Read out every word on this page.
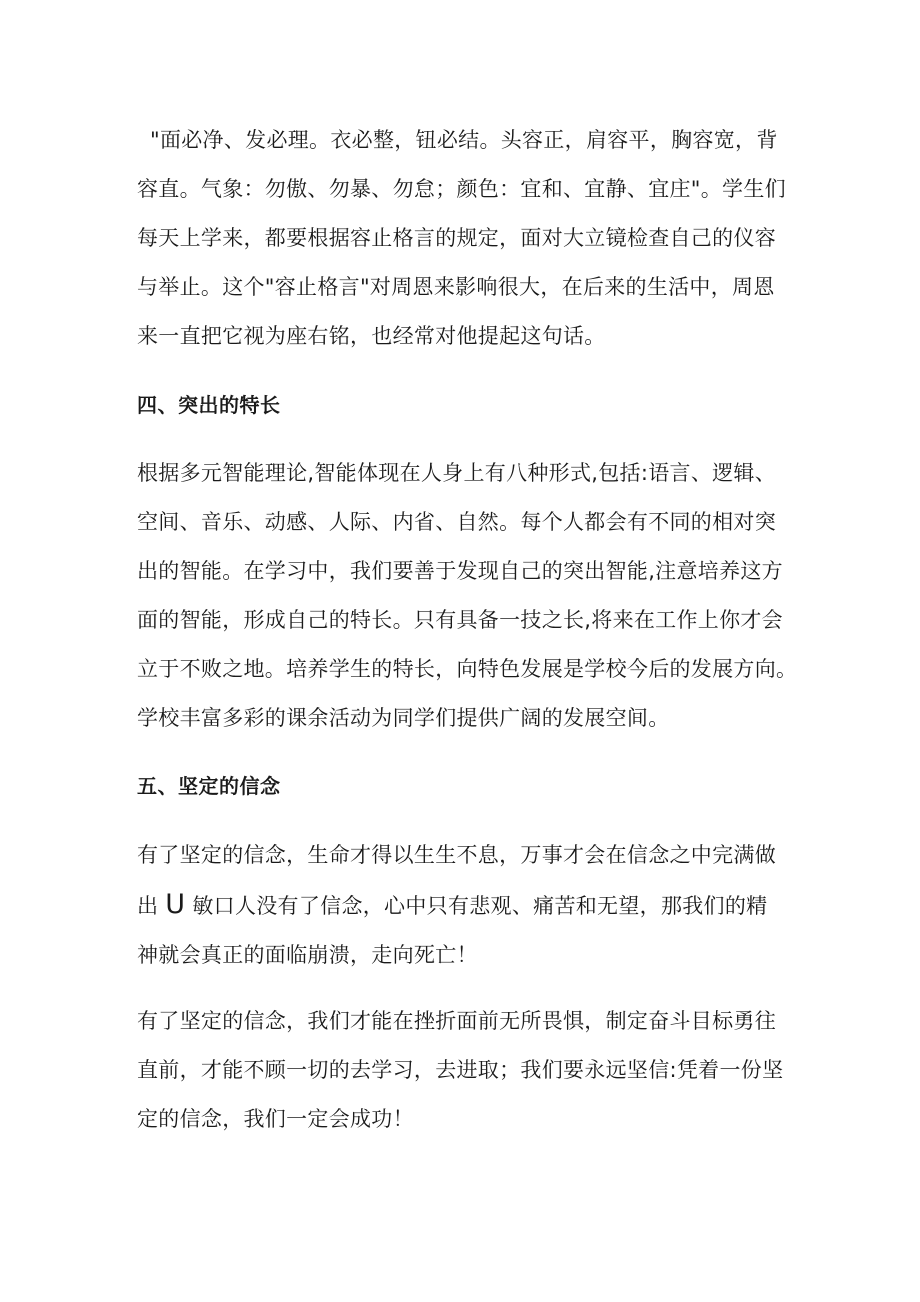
"面必净、发必理。衣必整，钮必结。头容正，肩容平，胸容宽，背
容直。气象：勿傲、勿暴、勿怠；颜色：宜和、宜静、宜庄"。学生们
每天上学来，都要根据容止格言的规定，面对大立镜检查自己的仪容
与举止。这个"容止格言"对周恩来影响很大，在后来的生活中，周恩
来一直把它视为座右铭，也经常对他提起这句话。

四、突出的特长

根据多元智能理论,智能体现在人身上有八种形式,包括:语言、逻辑、
空间、音乐、动感、人际、内省、自然。每个人都会有不同的相对突
出的智能。在学习中，我们要善于发现自己的突出智能,注意培养这方
面的智能，形成自己的特长。只有具备一技之长,将来在工作上你才会
立于不败之地。培养学生的特长，向特色发展是学校今后的发展方向。
学校丰富多彩的课余活动为同学们提供广阔的发展空间。

五、坚定的信念

有了坚定的信念，生命才得以生生不息，万事才会在信念之中完满做
出 U 敏口人没有了信念，心中只有悲观、痛苦和无望，那我们的精
神就会真正的面临崩溃，走向死亡！

有了坚定的信念，我们才能在挫折面前无所畏惧，制定奋斗目标勇往
直前，才能不顾一切的去学习，去进取；我们要永远坚信:凭着一份坚
定的信念，我们一定会成功！
